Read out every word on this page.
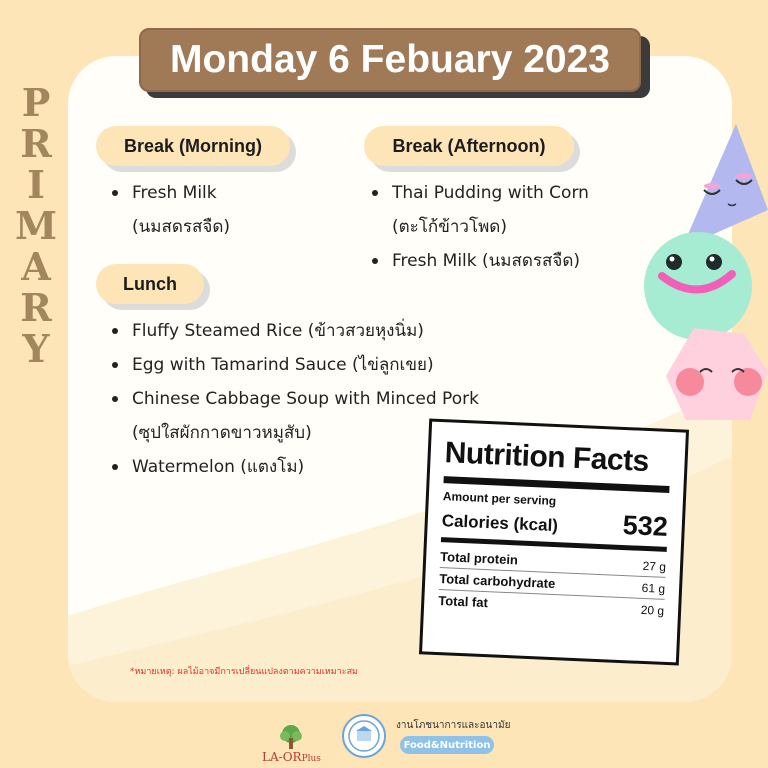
P
R
I
M
A
R
Y
Break (Morning)
Fresh Milk
(นมสดรสจืด)
Break (Afternoon)
Thai Pudding with Corn
(ตะโก้ข้าวโพด)
Fresh Milk (นมสดรสจืด)
Lunch
Fluffy Steamed Rice (ข้าวสวยหุงนิ่ม)
Egg with Tamarind Sauce (ไข่ลูกเขย)
Chinese Cabbage Soup with Minced Pork
(ซุปใสผักกาดขาวหมูสับ)
Watermelon (แตงโม)
Monday 6 Febuary 2023
Nutrition Facts
Amount per serving
Calories (kcal) 532
Total protein	27 g
Total carbohydrate	61 g
Total fat	20 g
*หมายเหตุ: ผลไม้อาจมีการเปลี่ยนแปลงตามความเหมาะสม
LA-ORPlus
งานโภชนาการและอนามัย
Food&Nutrition
